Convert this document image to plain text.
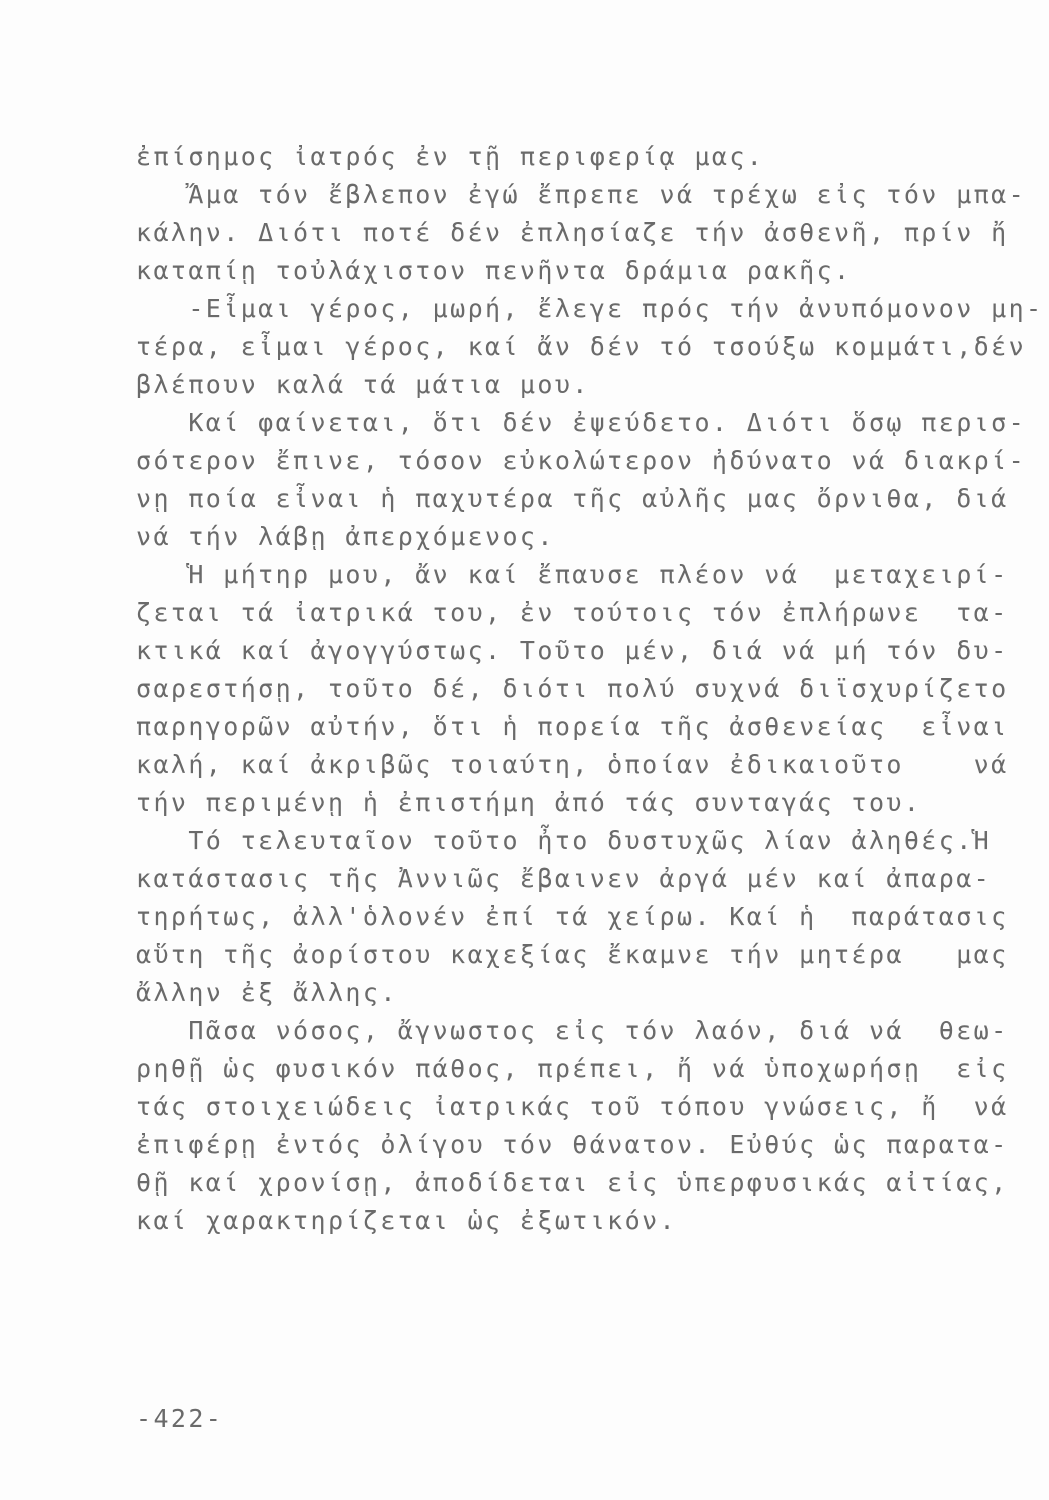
ἐπίσημος ἰατρός ἐν τῇ περιφερίᾳ μας.
Ἄμα τόν ἔβλεπον ἐγώ ἔπρεπε νά τρέχω εἰς τόν μπα-
κάλην. Διότι ποτέ δέν ἐπλησίαζε τήν ἀσθενῆ, πρίν ἤ
καταπίῃ τοὐλάχιστον πενῆντα δράμια ρακῆς.
-Εἶμαι γέρος, μωρή, ἔλεγε πρός τήν ἀνυπόμονον μη-
τέρα, εἶμαι γέρος, καί ἄν δέν τό τσούξω κομμάτι,δέν
βλέπουν καλά τά μάτια μου.
Καί φαίνεται, ὅτι δέν ἐψεύδετο. Διότι ὅσῳ περισ-
σότερον ἔπινε, τόσον εὐκολώτερον ἠδύνατο νά διακρί-
νῃ ποία εἶναι ἡ παχυτέρα τῆς αὐλῆς μας ὄρνιθα, διά
νά τήν λάβῃ ἀπερχόμενος.
Ἡ μήτηρ μου, ἄν καί ἔπαυσε πλέον νά  μεταχειρί-
ζεται τά ἰατρικά του, ἐν τούτοις τόν ἐπλήρωνε  τα-
κτικά καί ἀγογγύστως. Τοῦτο μέν, διά νά μή τόν δυ-
σαρεστήσῃ, τοῦτο δέ, διότι πολύ συχνά διϊσχυρίζετο
παρηγορῶν αὐτήν, ὅτι ἡ πορεία τῆς ἀσθενείας  εἶναι
καλή, καί ἀκριβῶς τοιαύτη, ὁποίαν ἐδικαιοῦτο    νά
τήν περιμένῃ ἡ ἐπιστήμη ἀπό τάς συνταγάς του.
Τό τελευταῖον τοῦτο ἦτο δυστυχῶς λίαν ἀληθές.Ἡ
κατάστασις τῆς Ἀννιῶς ἔβαινεν ἀργά μέν καί ἀπαρα-
τηρήτως, ἀλλ'ὁλονέν ἐπί τά χείρω. Καί ἡ  παράτασις
αὕτη τῆς ἀορίστου καχεξίας ἔκαμνε τήν μητέρα   μας
ἄλλην ἐξ ἄλλης.
Πᾶσα νόσος, ἄγνωστος εἰς τόν λαόν, διά νά  θεω-
ρηθῇ ὡς φυσικόν πάθος, πρέπει, ἤ νά ὑποχωρήσῃ  εἰς
τάς στοιχειώδεις ἰατρικάς τοῦ τόπου γνώσεις, ἤ  νά
ἐπιφέρῃ ἐντός ὀλίγου τόν θάνατον. Εὐθύς ὡς παρατα-
θῇ καί χρονίσῃ, ἀποδίδεται εἰς ὑπερφυσικάς αἰτίας,
καί χαρακτηρίζεται ὡς ἐξωτικόν.
-422-
